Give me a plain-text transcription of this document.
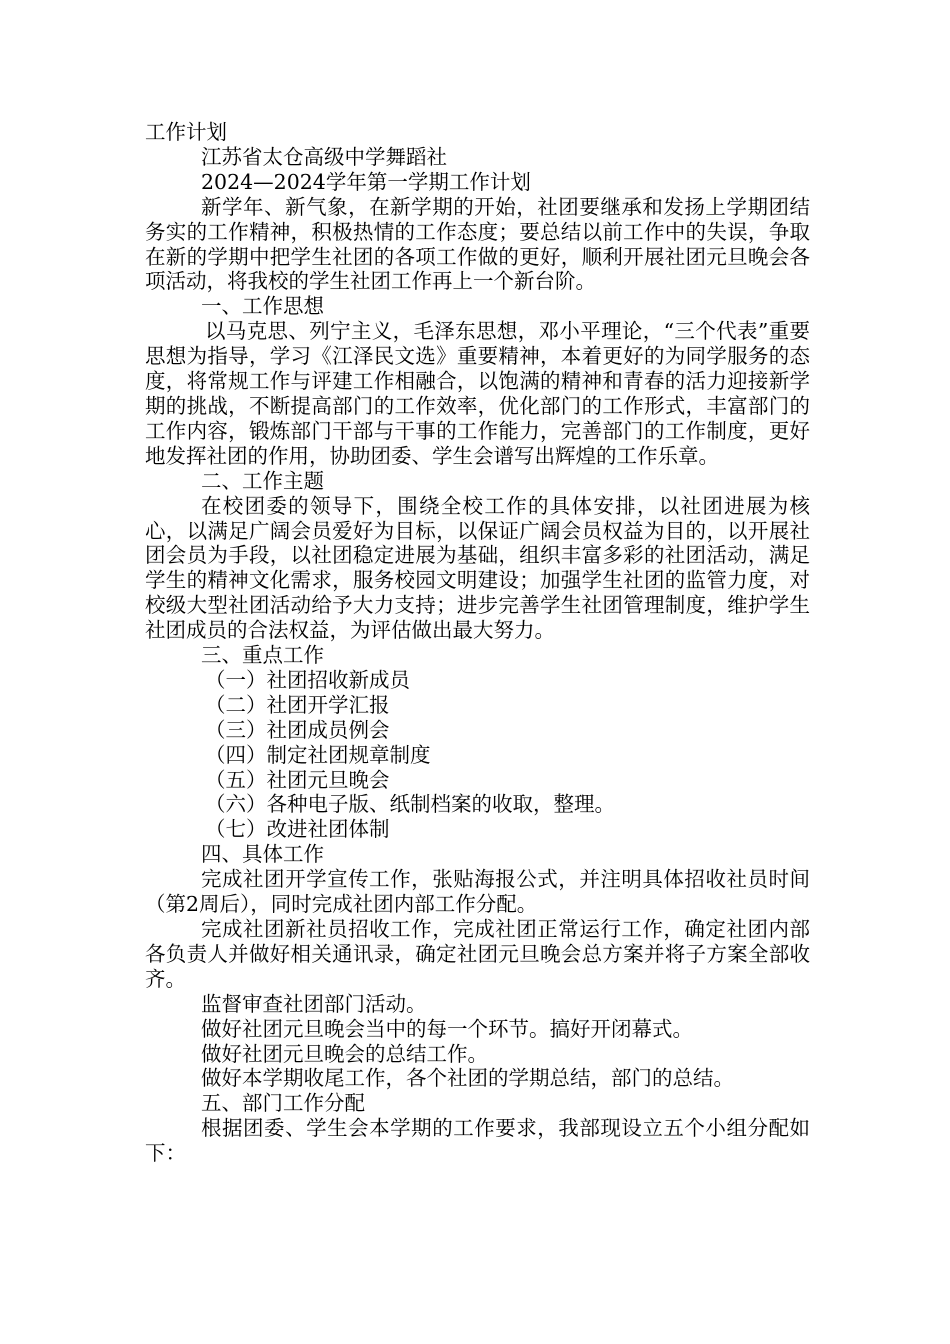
工作计划
江苏省太仓高级中学舞蹈社
2024—2024学年第一学期工作计划

新学年、新气象，在新学期的开始，社团要继承和发扬上学期团结务实的工作精神，积极热情的工作态度；要总结以前工作中的失误，争取在新的学期中把学生社团的各项工作做的更好，顺利开展社团元旦晚会各项活动，将我校的学生社团工作再上一个新台阶。

一、工作思想

以马克思、列宁主义，毛泽东思想，邓小平理论，“三个代表”重要思想为指导，学习《江泽民文选》重要精神，本着更好的为同学服务的态度，将常规工作与评建工作相融合，以饱满的精神和青春的活力迎接新学期的挑战，不断提高部门的工作效率，优化部门的工作形式，丰富部门的工作内容，锻炼部门干部与干事的工作能力，完善部门的工作制度，更好地发挥社团的作用，协助团委、学生会谱写出辉煌的工作乐章。

二、工作主题

在校团委的领导下，围绕全校工作的具体安排，以社团进展为核心，以满足广阔会员爱好为目标，以保证广阔会员权益为目的，以开展社团会员为手段，以社团稳定进展为基础，组织丰富多彩的社团活动，满足学生的精神文化需求，服务校园文明建设；加强学生社团的监管力度，对校级大型社团活动给予大力支持；进步完善学生社团管理制度，维护学生社团成员的合法权益，为评估做出最大努力。

三、重点工作
（一）社团招收新成员
（二）社团开学汇报
（三）社团成员例会
（四）制定社团规章制度
（五）社团元旦晚会
（六）各种电子版、纸制档案的收取，整理。
（七）改进社团体制
四、具体工作

完成社团开学宣传工作，张贴海报公式，并注明具体招收社员时间（第2周后），同时完成社团内部工作分配。

完成社团新社员招收工作，完成社团正常运行工作，确定社团内部各负责人并做好相关通讯录，确定社团元旦晚会总方案并将子方案全部收齐。

监督审查社团部门活动。

做好社团元旦晚会当中的每一个环节。搞好开闭幕式。

做好社团元旦晚会的总结工作。

做好本学期收尾工作，各个社团的学期总结，部门的总结。

五、部门工作分配

根据团委、学生会本学期的工作要求，我部现设立五个小组分配如下：
